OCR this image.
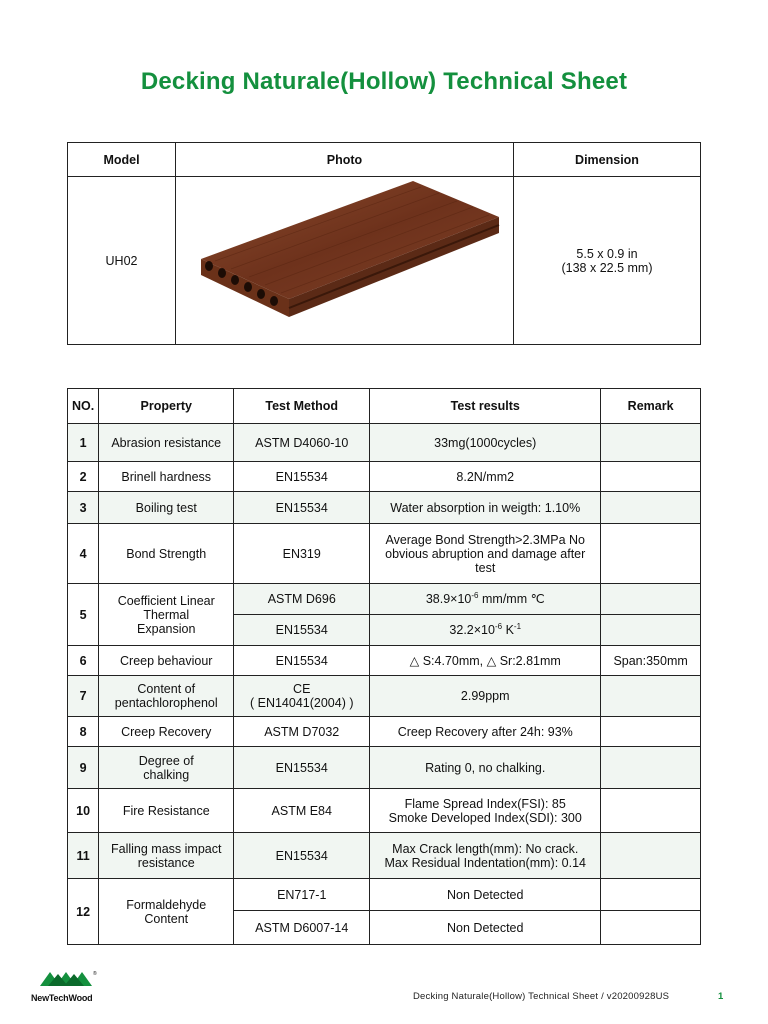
Decking Naturale(Hollow) Technical Sheet
Model	Photo	Dimension
UH02		5.5 x 0.9 in
(138 x 22.5 mm)
NO.	Property	Test Method	Test results	Remark
1	Abrasion resistance	ASTM D4060-10	33mg(1000cycles)	
2	Brinell hardness	EN15534	8.2N/mm2	
3	Boiling test	EN15534	Water absorption in weigth: 1.10%	
4	Bond Strength	EN319	Average Bond Strength>2.3MPa No obvious abruption and damage after test	
5	Coefficient Linear Thermal Expansion	ASTM D696	$38.9\times 10^{-6}$ mm/mm ℃	
		EN15534	$32.2\times 10^{-6}$ $K^{-1}$	
6	Creep behaviour	EN15534	△ S:4.70mm, △ Sr:2.81mm	Span:350mm
7	Content of pentachlorophenol	CE
( EN14041(2004) )	2.99ppm	
8	Creep Recovery	ASTM D7032	Creep Recovery after 24h: 93%	
9	Degree of chalking	EN15534	Rating 0, no chalking.	
10	Fire Resistance	ASTM E84	Flame Spread Index(FSI): 85
Smoke Developed Index(SDI): 300	

11	Falling mass impact resistance	EN15534	Max Crack length(mm): No crack.
Max Residual Indentation(mm): 0.14	

12	Formaldehyde Content	EN717-1	Non Detected	
		ASTM D6007-14	Non Detected	
®
NewTechWood	Decking Naturale(Hollow) Technical Sheet / v20200928US	1
